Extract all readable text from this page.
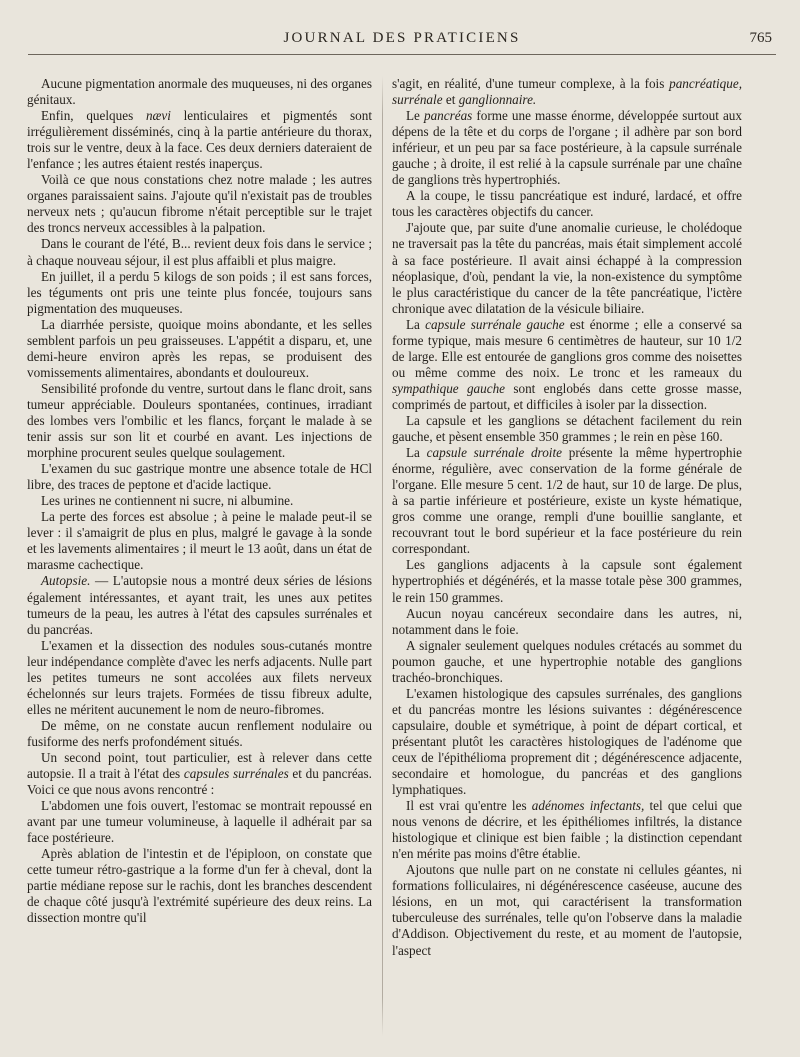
JOURNAL DES PRATICIENS	765

Aucune pigmentation anormale des muqueuses, ni des organes génitaux.

Enfin, quelques nævi lenticulaires et pigmentés sont irrégulièrement disséminés, cinq à la partie antérieure du thorax, trois sur le ventre, deux à la face. Ces deux derniers dateraient de l'enfance ; les autres étaient restés inaperçus.

Voilà ce que nous constations chez notre malade ; les autres organes paraissaient sains. J'ajoute qu'il n'existait pas de troubles nerveux nets ; qu'aucun fibrome n'était perceptible sur le trajet des troncs nerveux accessibles à la palpation.

Dans le courant de l'été, B... revient deux fois dans le service ; à chaque nouveau séjour, il est plus affaibli et plus maigre.

En juillet, il a perdu 5 kilogs de son poids ; il est sans forces, les téguments ont pris une teinte plus foncée, toujours sans pigmentation des muqueuses.

La diarrhée persiste, quoique moins abondante, et les selles semblent parfois un peu graisseuses. L'appétit a disparu, et, une demi-heure environ après les repas, se produisent des vomissements alimentaires, abondants et douloureux.

Sensibilité profonde du ventre, surtout dans le flanc droit, sans tumeur appréciable. Douleurs spontanées, continues, irradiant des lombes vers l'ombilic et les flancs, forçant le malade à se tenir assis sur son lit et courbé en avant. Les injections de morphine procurent seules quelque soulagement.

L'examen du suc gastrique montre une absence totale de HCl libre, des traces de peptone et d'acide lactique.

Les urines ne contiennent ni sucre, ni albumine.

La perte des forces est absolue ; à peine le malade peut-il se lever : il s'amaigrit de plus en plus, malgré le gavage à la sonde et les lavements alimentaires ; il meurt le 13 août, dans un état de marasme cachectique.

Autopsie. — L'autopsie nous a montré deux séries de lésions également intéressantes, et ayant trait, les unes aux petites tumeurs de la peau, les autres à l'état des capsules surrénales et du pancréas.

L'examen et la dissection des nodules sous-cutanés montre leur indépendance complète d'avec les nerfs adjacents. Nulle part les petites tumeurs ne sont accolées aux filets nerveux échelonnés sur leurs trajets. Formées de tissu fibreux adulte, elles ne méritent aucunement le nom de neuro-fibromes.

De même, on ne constate aucun renflement nodulaire ou fusiforme des nerfs profondément situés.

Un second point, tout particulier, est à relever dans cette autopsie. Il a trait à l'état des capsules surrénales et du pancréas. Voici ce que nous avons rencontré :

L'abdomen une fois ouvert, l'estomac se montrait repoussé en avant par une tumeur volumineuse, à laquelle il adhérait par sa face postérieure.

Après ablation de l'intestin et de l'épiploon, on constate que cette tumeur rétro-gastrique a la forme d'un fer à cheval, dont la partie médiane repose sur le rachis, dont les branches descendent de chaque côté jusqu'à l'extrémité supérieure des deux reins. La dissection montre qu'il

s'agit, en réalité, d'une tumeur complexe, à la fois pancréatique, surrénale et ganglionnaire.

Le pancréas forme une masse énorme, développée surtout aux dépens de la tête et du corps de l'organe ; il adhère par son bord inférieur, et un peu par sa face postérieure, à la capsule surrénale gauche ; à droite, il est relié à la capsule surrénale par une chaîne de ganglions très hypertrophiés.

A la coupe, le tissu pancréatique est induré, lardacé, et offre tous les caractères objectifs du cancer.

J'ajoute que, par suite d'une anomalie curieuse, le cholédoque ne traversait pas la tête du pancréas, mais était simplement accolé à sa face postérieure. Il avait ainsi échappé à la compression néoplasique, d'où, pendant la vie, la non-existence du symptôme le plus caractéristique du cancer de la tête pancréatique, l'ictère chronique avec dilatation de la vésicule biliaire.

La capsule surrénale gauche est énorme ; elle a conservé sa forme typique, mais mesure 6 centimètres de hauteur, sur 10 1/2 de large. Elle est entourée de ganglions gros comme des noisettes ou même comme des noix. Le tronc et les rameaux du sympathique gauche sont englobés dans cette grosse masse, comprimés de partout, et difficiles à isoler par la dissection.

La capsule et les ganglions se détachent facilement du rein gauche, et pèsent ensemble 350 grammes ; le rein en pèse 160.

La capsule surrénale droite présente la même hypertrophie énorme, régulière, avec conservation de la forme générale de l'organe. Elle mesure 5 cent. 1/2 de haut, sur 10 de large. De plus, à sa partie inférieure et postérieure, existe un kyste hématique, gros comme une orange, rempli d'une bouillie sanglante, et recouvrant tout le bord supérieur et la face postérieure du rein correspondant.

Les ganglions adjacents à la capsule sont également hypertrophiés et dégénérés, et la masse totale pèse 300 grammes, le rein 150 grammes.

Aucun noyau cancéreux secondaire dans les autres, ni, notamment dans le foie.

A signaler seulement quelques nodules crétacés au sommet du poumon gauche, et une hypertrophie notable des ganglions trachéo-bronchiques.

L'examen histologique des capsules surrénales, des ganglions et du pancréas montre les lésions suivantes : dégénérescence capsulaire, double et symétrique, à point de départ cortical, et présentant plutôt les caractères histologiques de l'adénome que ceux de l'épithélioma proprement dit ; dégénérescence adjacente, secondaire et homologue, du pancréas et des ganglions lymphatiques.

Il est vrai qu'entre les adénomes infectants, tel que celui que nous venons de décrire, et les épithéliomes infiltrés, la distance histologique et clinique est bien faible ; la distinction cependant n'en mérite pas moins d'être établie.

Ajoutons que nulle part on ne constate ni cellules géantes, ni formations folliculaires, ni dégénérescence caséeuse, aucune des lésions, en un mot, qui caractérisent la transformation tuberculeuse des surrénales, telle qu'on l'observe dans la maladie d'Addison. Objectivement du reste, et au moment de l'autopsie, l'aspect
